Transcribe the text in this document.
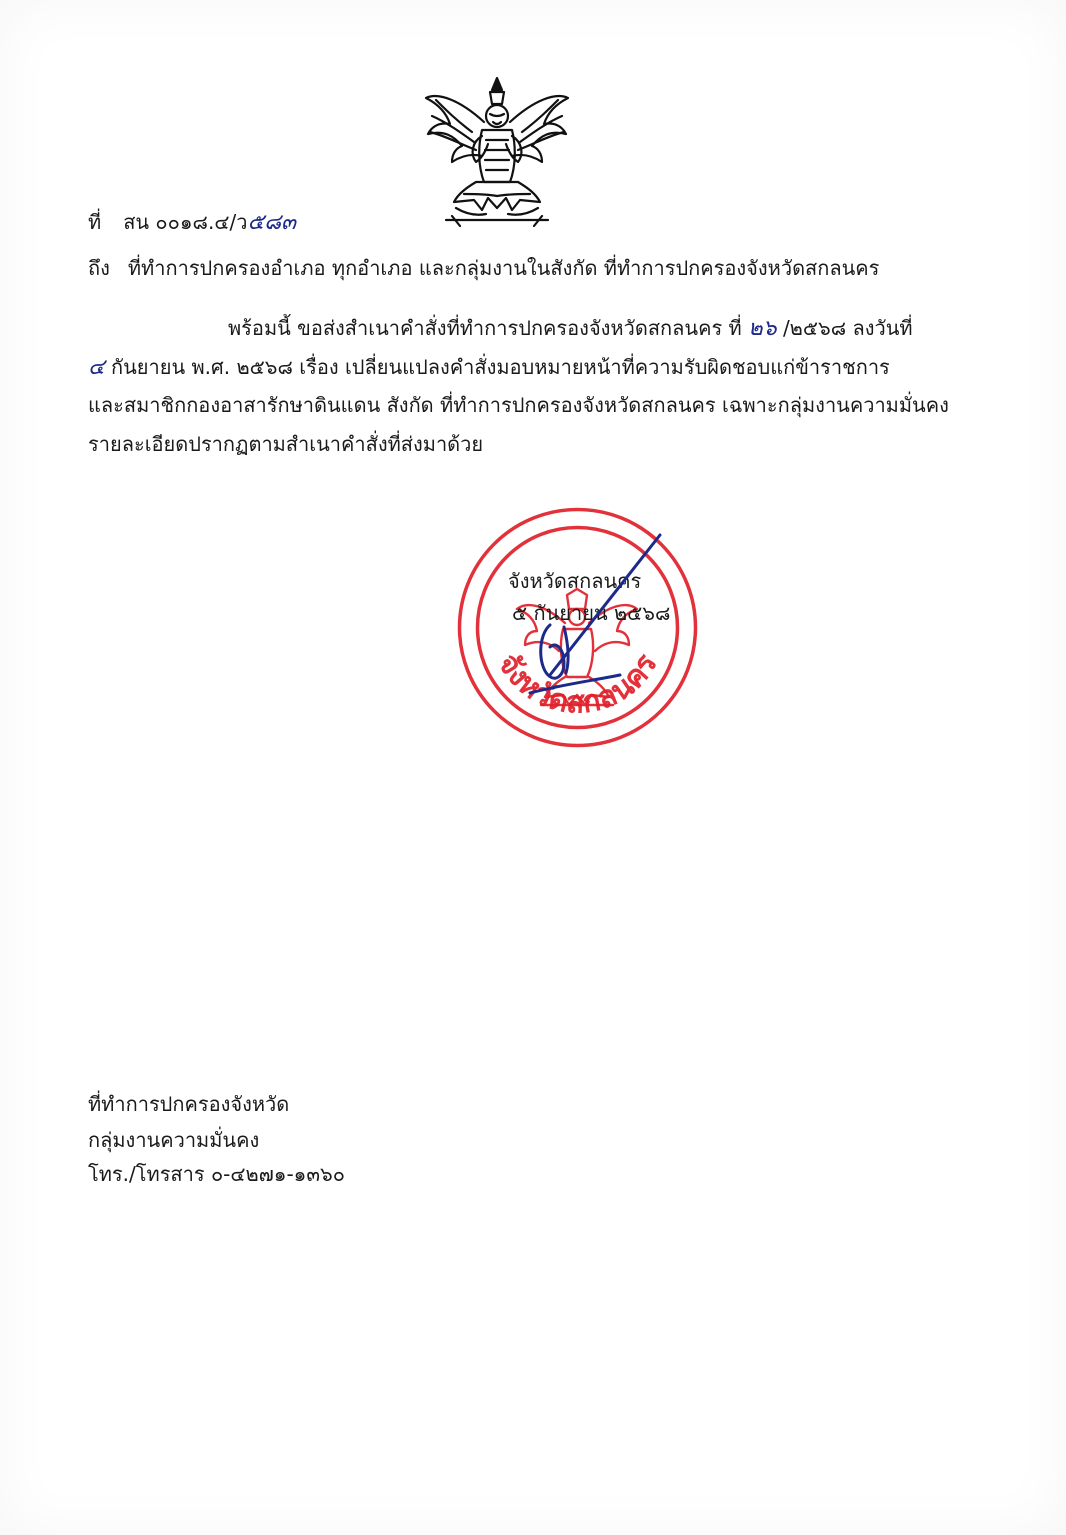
ที่ สน ๐๐๑๘.๔/ว๕๘๓
ถึง ที่ทำการปกครองอำเภอ ทุกอำเภอ และกลุ่มงานในสังกัด ที่ทำการปกครองจังหวัดสกลนคร
พร้อมนี้ ขอส่งสำเนาคำสั่งที่ทำการปกครองจังหวัดสกลนคร ที่ ๒๖ /๒๕๖๘ ลงวันที่
๔ กันยายน พ.ศ. ๒๕๖๘ เรื่อง เปลี่ยนแปลงคำสั่งมอบหมายหน้าที่ความรับผิดชอบแก่ข้าราชการ
และสมาชิกกองอาสารักษาดินแดน สังกัด ที่ทำการปกครองจังหวัดสกลนคร เฉพาะกลุ่มงานความมั่นคง
รายละเอียดปรากฏตามสำเนาคำสั่งที่ส่งมาด้วย
จังหวัดสกลนคร
จังหวัดสกลนคร
๕ กันยายน ๒๕๖๘
ที่ทำการปกครองจังหวัด
กลุ่มงานความมั่นคง
โทร./โทรสาร ๐-๔๒๗๑-๑๓๖๐
